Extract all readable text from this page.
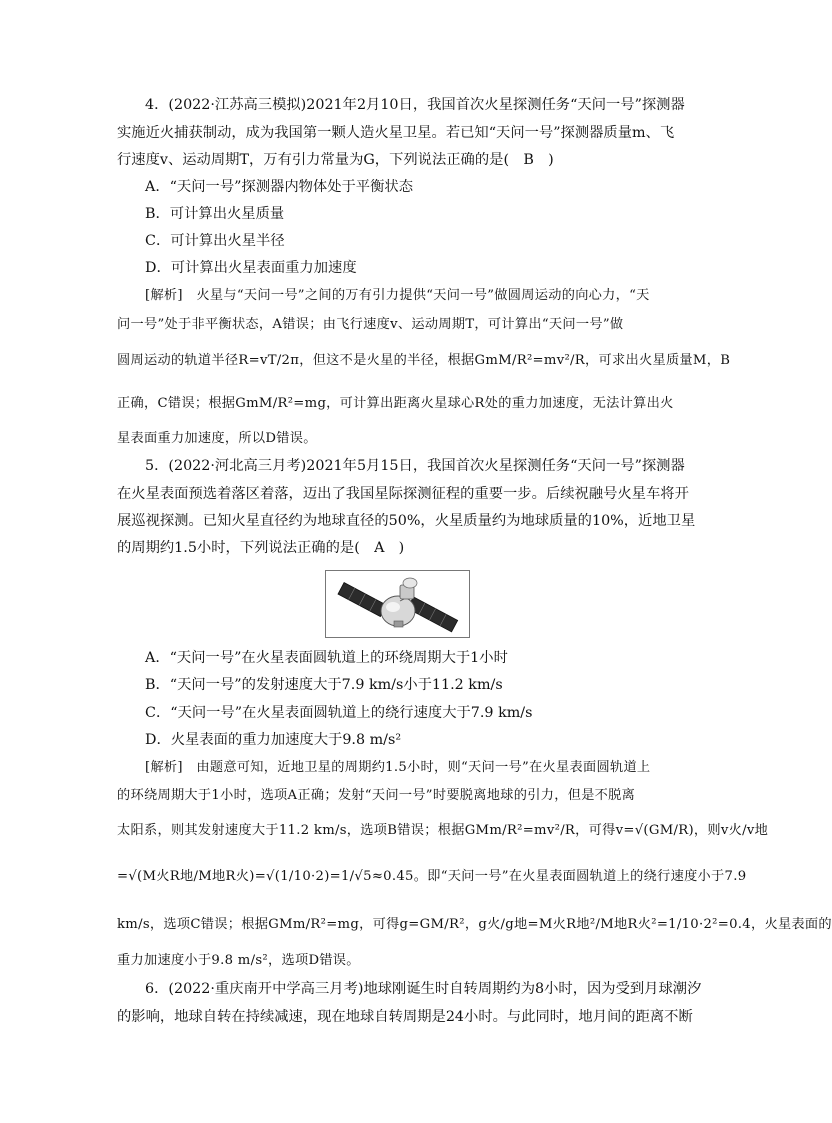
4．(2022·江苏高三模拟)2021年2月10日，我国首次火星探测任务“天问一号”探测器
实施近火捕获制动，成为我国第一颗人造火星卫星。若已知“天问一号”探测器质量m、飞
行速度v、运动周期T，万有引力常量为G，下列说法正确的是(　B　)
A．“天问一号”探测器内物体处于平衡状态
B．可计算出火星质量
C．可计算出火星半径
D．可计算出火星表面重力加速度
[解析]　火星与“天问一号”之间的万有引力提供“天问一号”做圆周运动的向心力，“天
问一号”处于非平衡状态，A错误；由飞行速度v、运动周期T，可计算出“天问一号”做
圆周运动的轨道半径R=vT/2π，但这不是火星的半径，根据GmM/R²=mv²/R，可求出火星质量M，B
正确，C错误；根据GmM/R²=mg，可计算出距离火星球心R处的重力加速度，无法计算出火
星表面重力加速度，所以D错误。
5．(2022·河北高三月考)2021年5月15日，我国首次火星探测任务“天问一号”探测器
在火星表面预选着落区着落，迈出了我国星际探测征程的重要一步。后续祝融号火星车将开
展巡视探测。已知火星直径约为地球直径的50%，火星质量约为地球质量的10%，近地卫星
的周期约1.5小时，下列说法正确的是(　A　)
A．“天问一号”在火星表面圆轨道上的环绕周期大于1小时
B．“天问一号”的发射速度大于7.9 km/s小于11.2 km/s
C．“天问一号”在火星表面圆轨道上的绕行速度大于7.9 km/s
D．火星表面的重力加速度大于9.8 m/s²
[解析]　由题意可知，近地卫星的周期约1.5小时，则“天问一号”在火星表面圆轨道上
的环绕周期大于1小时，选项A正确；发射“天问一号”时要脱离地球的引力，但是不脱离
太阳系，则其发射速度大于11.2 km/s，选项B错误；根据GMm/R²=mv²/R，可得v=√(GM/R)，则v火/v地
=√(M火R地/M地R火)=√(1/10·2)=1/√5≈0.45。即“天问一号”在火星表面圆轨道上的绕行速度小于7.9
km/s，选项C错误；根据GMm/R²=mg，可得g=GM/R²，g火/g地=M火R地²/M地R火²=1/10·2²=0.4，火星表面的
重力加速度小于9.8 m/s²，选项D错误。
6．(2022·重庆南开中学高三月考)地球刚诞生时自转周期约为8小时，因为受到月球潮汐
的影响，地球自转在持续减速，现在地球自转周期是24小时。与此同时，地月间的距离不断
